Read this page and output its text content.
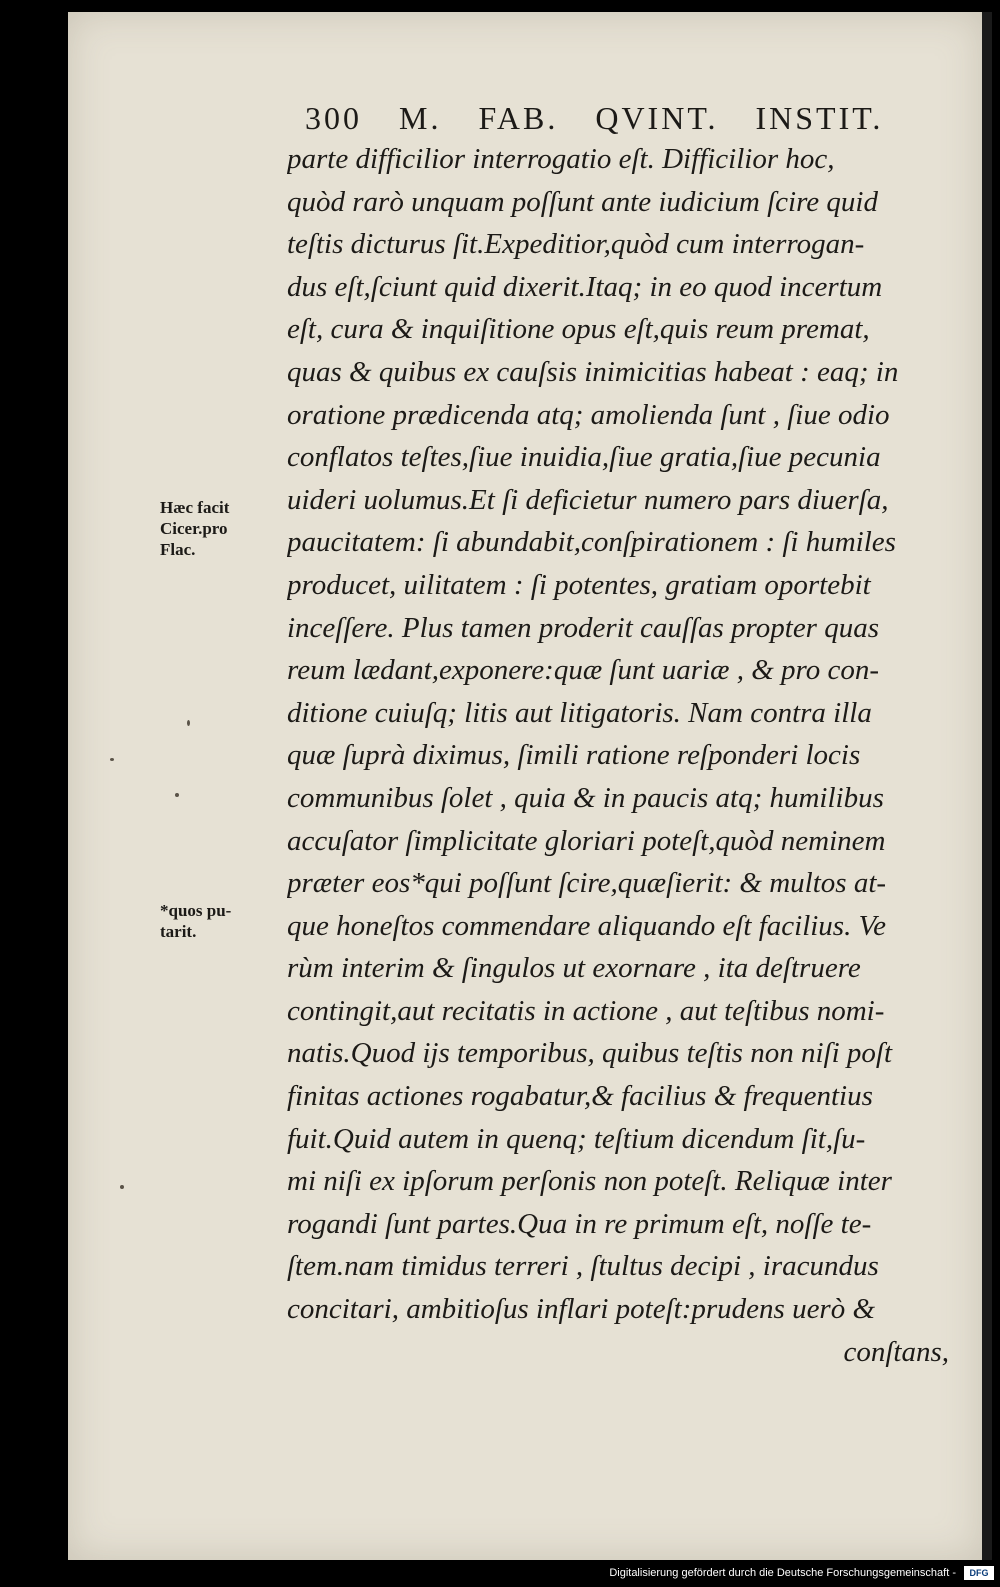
300 M. FAB. QVINT. INSTIT.
Hæc facit
Cicer.pro
Flac.
*quos pu-
tarit.
parte difficilior interrogatio eſt. Difficilior hoc,
quòd rarò unquam poſſunt ante iudicium ſcire quid
teſtis dicturus ſit.Expeditior,quòd cum interrogan-
dus eſt,ſciunt quid dixerit.Itaq; in eo quod incertum
eſt, cura & inquiſitione opus eſt,quis reum premat,
quas & quibus ex cauſsis inimicitias habeat : eaq; in
oratione prædicenda atq; amolienda ſunt , ſiue odio
conflatos teſtes,ſiue inuidia,ſiue gratia,ſiue pecunia
uideri uolumus.Et ſi deficietur numero pars diuerſa,
paucitatem: ſi abundabit,conſpirationem : ſi humiles
producet, uilitatem : ſi potentes, gratiam oportebit
inceſſere. Plus tamen proderit cauſſas propter quas
reum lædant,exponere:quæ ſunt uariæ , & pro con-
ditione cuiuſq; litis aut litigatoris. Nam contra illa
quæ ſuprà diximus, ſimili ratione reſponderi locis
communibus ſolet , quia & in paucis atq; humilibus
accuſator ſimplicitate gloriari poteſt,quòd neminem
præter eos*qui poſſunt ſcire,quæſierit: & multos at-
que honeſtos commendare aliquando eſt facilius. Ve
rùm interim & ſingulos ut exornare , ita deſtruere
contingit,aut recitatis in actione , aut teſtibus nomi-
natis.Quod ijs temporibus, quibus teſtis non niſi poſt
finitas actiones rogabatur,& facilius & frequentius
fuit.Quid autem in quenq; teſtium dicendum ſit,ſu-
mi niſi ex ipſorum perſonis non poteſt. Reliquæ inter
rogandi ſunt partes.Qua in re primum eſt, noſſe te-
ſtem.nam timidus terreri , ſtultus decipi , iracundus
concitari, ambitioſus inflari poteſt:prudens uerò &
conſtans,
Digitalisierung gefördert durch die Deutsche Forschungsgemeinschaft -	DFG
